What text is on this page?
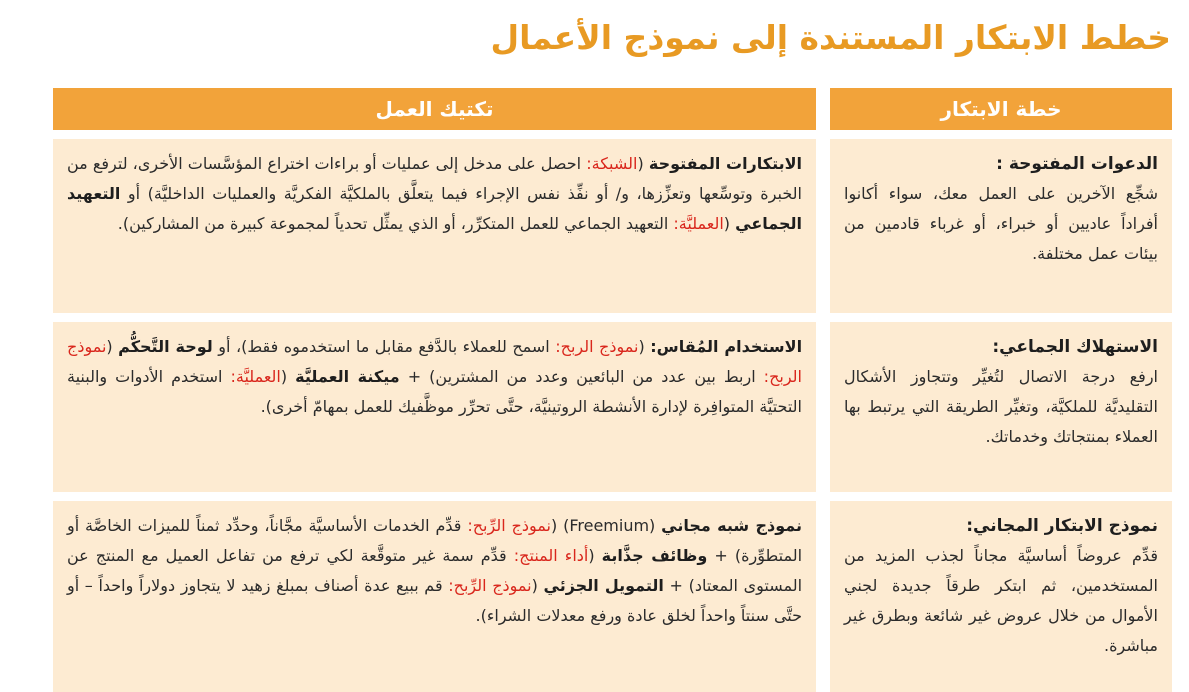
خطط الابتكار المستندة إلى نموذج الأعمال
خطة الابتكار
تكتيك العمل
الدعوات المفتوحة :
شجِّع الآخرين على العمل معك، سواء أكانوا أفراداً عاديين أو خبراء، أو غرباء قادمين من بيئات عمل مختلفة.
الابتكارات المفتوحة (الشبكة: احصل على مدخل إلى عمليات أو براءات اختراع المؤسَّسات الأخرى، لترفع من الخبرة وتوسِّعها وتعزِّزها، و/ أو نفِّذ نفس الإجراء فيما يتعلَّق بالملكيَّة الفكريَّة والعمليات الداخليَّة) أو التعهيد الجماعي (العمليَّة: التعهيد الجماعي للعمل المتكرِّر، أو الذي يمثِّل تحدياً لمجموعة كبيرة من المشاركين).
الاستهلاك الجماعي:
ارفع درجة الاتصال لتُغيِّر وتتجاوز الأشكال التقليديَّة للملكيَّة، وتغيِّر الطريقة التي يرتبط بها العملاء بمنتجاتك وخدماتك.
الاستخدام المُقاس: (نموذج الربح: اسمح للعملاء بالدَّفع مقابل ما استخدموه فقط)، أو لوحة التَّحكُّم (نموذج الربح: اربط بين عدد من البائعين وعدد من المشترين) + ميكنة العمليَّة (العمليَّة: استخدم الأدوات والبنية التحتيَّة المتوافِرة لإدارة الأنشطة الروتينيَّة، حتَّى تحرِّر موظَّفيك للعمل بمهامّ أخرى).
نموذج الابتكار المجاني:
قدِّم عروضاً أساسيَّة مجاناً لجذب المزيد من المستخدمين، ثم ابتكر طرقاً جديدة لجني الأموال من خلال عروض غير شائعة وبطرق غير مباشرة.
نموذج شبه مجاني (Freemium) (نموذج الرِّبح: قدِّم الخدمات الأساسيَّة مجَّاناً، وحدِّد ثمناً للميزات الخاصَّة أو المتطوِّرة) + وظائف جذَّابة (أداء المنتج: قدِّم سمة غير متوقَّعة لكي ترفع من تفاعل العميل مع المنتج عن المستوى المعتاد) + التمويل الجزئي (نموذج الرِّبح: قم ببيع عدة أصناف بمبلغ زهيد لا يتجاوز دولاراً واحداً – أو حتَّى سنتاً واحداً لخلق عادة ورفع معدلات الشراء).
